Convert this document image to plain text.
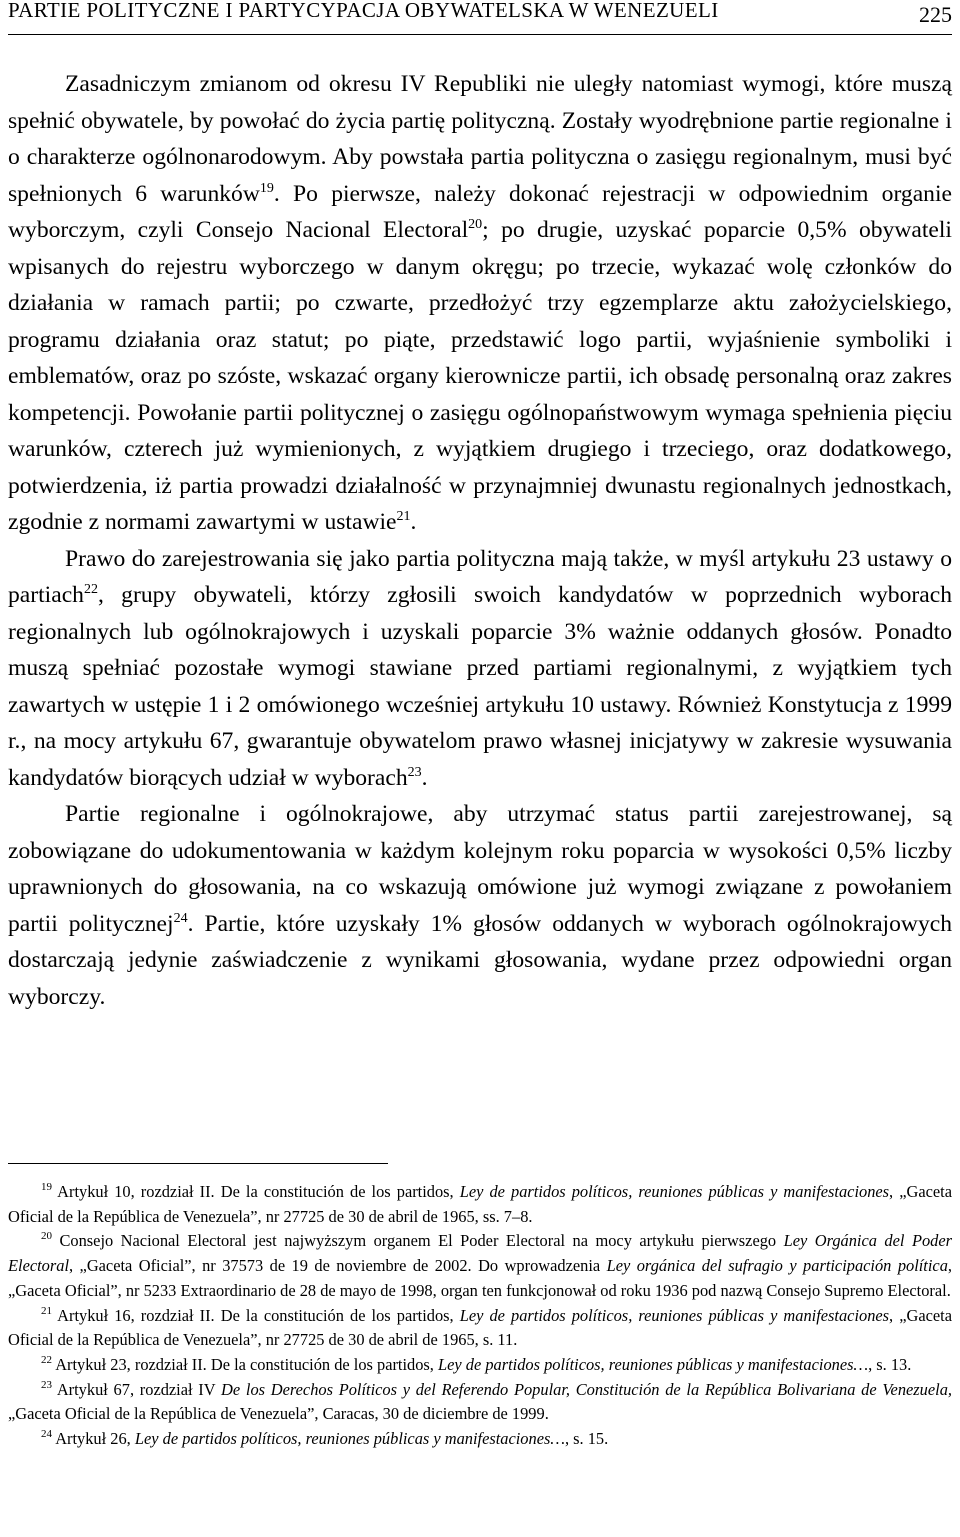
PARTIE POLITYCZNE I PARTYCYPACJA OBYWATELSKA W WENEZUELI	225

Zasadniczym zmianom od okresu IV Republiki nie uległy natomiast wymogi, które muszą spełnić obywatele, by powołać do życia partię polityczną. Zostały wyodrębnione partie regionalne i o charakterze ogólnonarodowym. Aby powstała partia polityczna o zasięgu regionalnym, musi być spełnionych 6 warunków$^{19}$. Po pierwsze, należy dokonać rejestracji w odpowiednim organie wyborczym, czyli Consejo Nacional Electoral$^{20}$; po drugie, uzyskać poparcie 0,5% obywateli wpisanych do rejestru wyborczego w danym okręgu; po trzecie, wykazać wolę członków do działania w ramach partii; po czwarte, przedłożyć trzy egzemplarze aktu założycielskiego, programu działania oraz statut; po piąte, przedstawić logo partii, wyjaśnienie symboliki i emblematów, oraz po szóste, wskazać organy kierownicze partii, ich obsadę personalną oraz zakres kompetencji. Powołanie partii politycznej o zasięgu ogólnopaństwowym wymaga spełnienia pięciu warunków, czterech już wymienionych, z wyjątkiem drugiego i trzeciego, oraz dodatkowego, potwierdzenia, iż partia prowadzi działalność w przynajmniej dwunastu regionalnych jednostkach, zgodnie z normami zawartymi w ustawie$^{21}$.

Prawo do zarejestrowania się jako partia polityczna mają także, w myśl artykułu 23 ustawy o partiach$^{22}$, grupy obywateli, którzy zgłosili swoich kandydatów w poprzednich wyborach regionalnych lub ogólnokrajowych i uzyskali poparcie 3% ważnie oddanych głosów. Ponadto muszą spełniać pozostałe wymogi stawiane przed partiami regionalnymi, z wyjątkiem tych zawartych w ustępie 1 i 2 omówionego wcześniej artykułu 10 ustawy. Również Konstytucja z 1999 r., na mocy artykułu 67, gwarantuje obywatelom prawo własnej inicjatywy w zakresie wysuwania kandydatów biorących udział w wyborach$^{23}$.

Partie regionalne i ogólnokrajowe, aby utrzymać status partii zarejestrowanej, są zobowiązane do udokumentowania w każdym kolejnym roku poparcia w wysokości 0,5% liczby uprawnionych do głosowania, na co wskazują omówione już wymogi związane z powołaniem partii politycznej$^{24}$. Partie, które uzyskały 1% głosów oddanych w wyborach ogólnokrajowych dostarczają jedynie zaświadczenie z wynikami głosowania, wydane przez odpowiedni organ wyborczy.

$^{19}$ Artykuł 10, rozdział II. De la constitución de los partidos, Ley de partidos políticos, reuniones públicas y manifestaciones, „Gaceta Oficial de la República de Venezuela”, nr 27725 de 30 de abril de 1965, ss. 7–8.

$^{20}$ Consejo Nacional Electoral jest najwyższym organem El Poder Electoral na mocy artykułu pierwszego Ley Orgánica del Poder Electoral, „Gaceta Oficial”, nr 37573 de 19 de noviembre de 2002. Do wprowadzenia Ley orgánica del sufragio y participación política, „Gaceta Oficial”, nr 5233 Extraordinario de 28 de mayo de 1998, organ ten funkcjonował od roku 1936 pod nazwą Consejo Supremo Electoral.

$^{21}$ Artykuł 16, rozdział II. De la constitución de los partidos, Ley de partidos políticos, reuniones públicas y manifestaciones, „Gaceta Oficial de la República de Venezuela”, nr 27725 de 30 de abril de 1965, s. 11.

$^{22}$ Artykuł 23, rozdział II. De la constitución de los partidos, Ley de partidos políticos, reuniones públicas y manifestaciones…, s. 13.

$^{23}$ Artykuł 67, rozdział IV De los Derechos Políticos y del Referendo Popular, Constitución de la República Bolivariana de Venezuela, „Gaceta Oficial de la República de Venezuela”, Caracas, 30 de diciembre de 1999.

$^{24}$ Artykuł 26, Ley de partidos políticos, reuniones públicas y manifestaciones…, s. 15.
